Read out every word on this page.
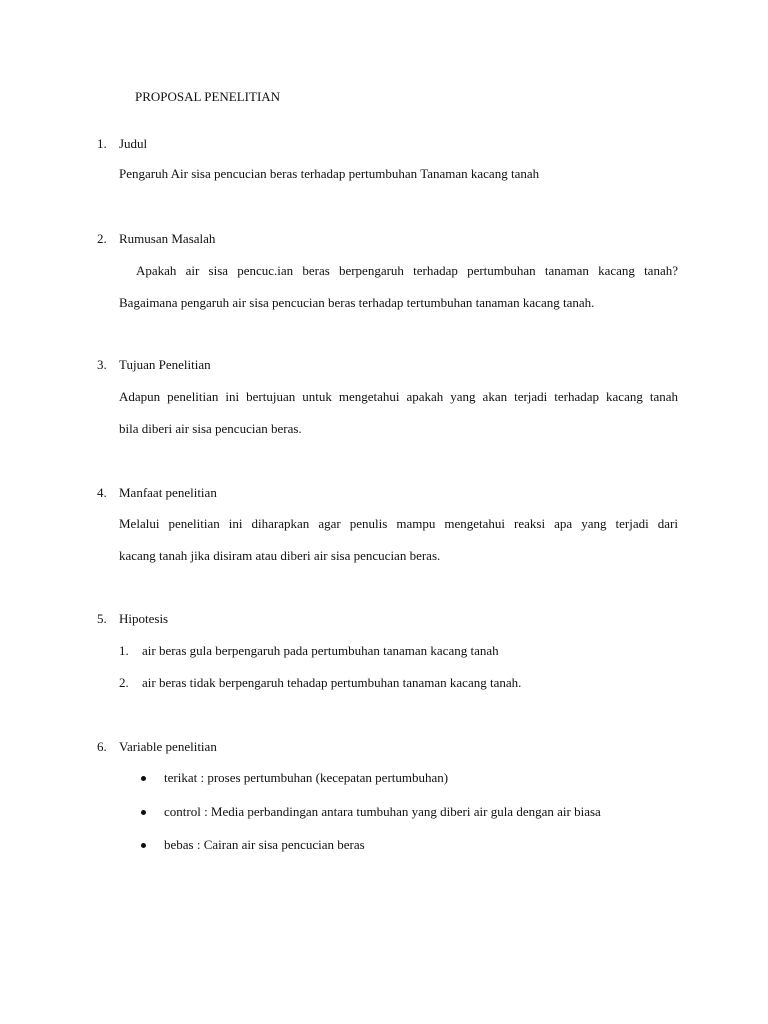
PROPOSAL PENELITIAN
1. Judul
Pengaruh Air sisa pencucian beras terhadap pertumbuhan Tanaman kacang tanah
2. Rumusan Masalah
Apakah air sisa pencuc.ian beras berpengaruh terhadap pertumbuhan tanaman kacang tanah?
Bagaimana pengaruh air sisa pencucian beras terhadap tertumbuhan tanaman kacang tanah.
3. Tujuan Penelitian
Adapun penelitian ini bertujuan untuk mengetahui apakah yang akan terjadi terhadap kacang tanah
bila diberi air sisa pencucian beras.
4. Manfaat penelitian
Melalui penelitian ini diharapkan agar penulis mampu mengetahui reaksi apa yang terjadi dari
kacang tanah jika disiram atau diberi air sisa pencucian beras.
5. Hipotesis
1. air beras gula berpengaruh pada pertumbuhan tanaman kacang tanah
2. air beras tidak berpengaruh tehadap pertumbuhan tanaman kacang tanah.
6. Variable penelitian
terikat : proses pertumbuhan (kecepatan pertumbuhan)
control : Media perbandingan antara tumbuhan yang diberi air gula dengan air biasa
bebas : Cairan air sisa pencucian beras
